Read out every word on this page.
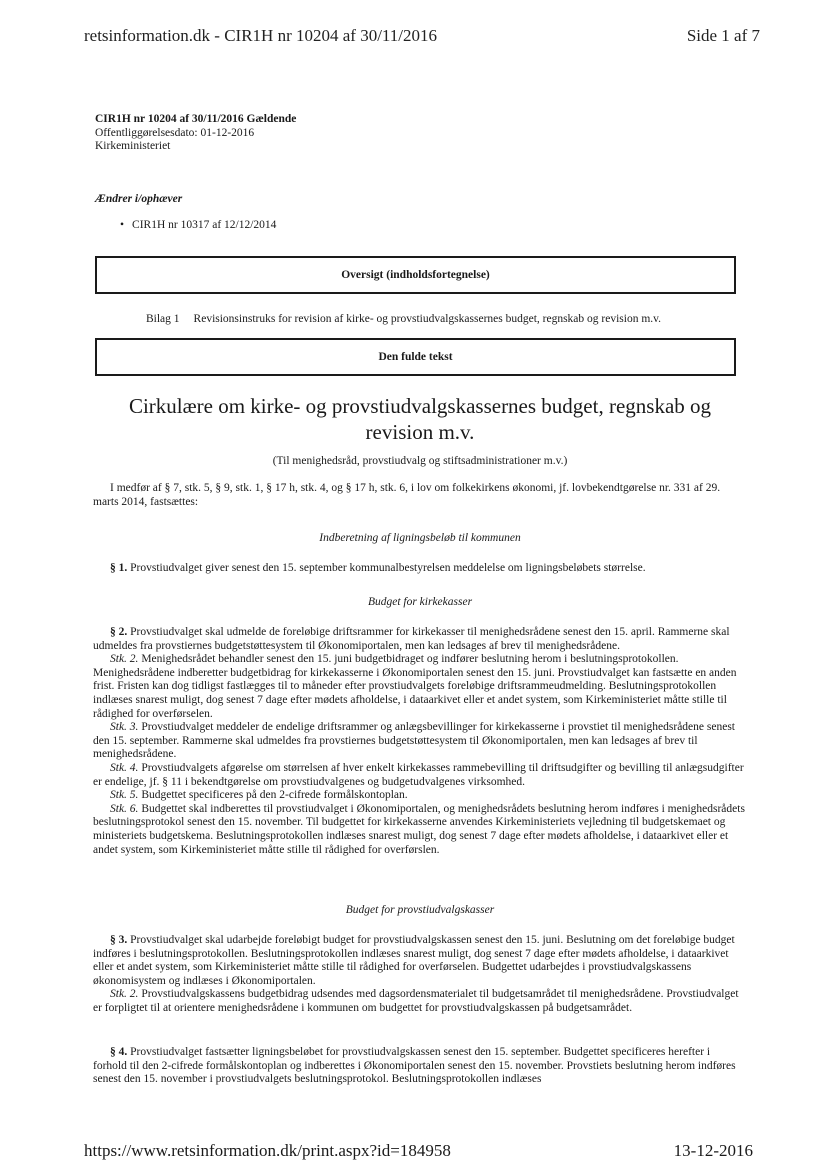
retsinformation.dk - CIR1H nr 10204 af 30/11/2016	Side 1 af 7
CIR1H nr 10204 af 30/11/2016 Gældende
Offentliggørelsesdato: 01-12-2016
Kirkeministeriet
Ændrer i/ophæver
• CIR1H nr 10317 af 12/12/2014
Oversigt (indholdsfortegnelse)
Bilag 1 Revisionsinstruks for revision af kirke- og provstiudvalgskassernes budget, regnskab og revision m.v.
Den fulde tekst
Cirkulære om kirke- og provstiudvalgskassernes budget, regnskab og revision m.v.
(Til menighedsråd, provstiudvalg og stiftsadministrationer m.v.)
I medfør af § 7, stk. 5, § 9, stk. 1, § 17 h, stk. 4, og § 17 h, stk. 6, i lov om folkekirkens økonomi, jf. lovbekendtgørelse nr. 331 af 29. marts 2014, fastsættes:
Indberetning af ligningsbeløb til kommunen
§ 1. Provstiudvalget giver senest den 15. september kommunalbestyrelsen meddelelse om ligningsbeløbets størrelse.
Budget for kirkekasser
§ 2. Provstiudvalget skal udmelde de foreløbige driftsrammer for kirkekasser til menighedsrådene senest den 15. april. Rammerne skal udmeldes fra provstiernes budgetstøttesystem til Økonomiportalen, men kan ledsages af brev til menighedsrådene.
Stk. 2. Menighedsrådet behandler senest den 15. juni budgetbidraget og indfører beslutning herom i beslutningsprotokollen. Menighedsrådene indberetter budgetbidrag for kirkekasserne i Økonomiportalen senest den 15. juni. Provstiudvalget kan fastsætte en anden frist. Fristen kan dog tidligst fastlægges til to måneder efter provstiudvalgets foreløbige driftsrammeudmelding. Beslutningsprotokollen indlæses snarest muligt, dog senest 7 dage efter mødets afholdelse, i dataarkivet eller et andet system, som Kirkeministeriet måtte stille til rådighed for overførselen.
Stk. 3. Provstiudvalget meddeler de endelige driftsrammer og anlægsbevillinger for kirkekasserne i provstiet til menighedsrådene senest den 15. september. Rammerne skal udmeldes fra provstiernes budgetstøttesystem til Økonomiportalen, men kan ledsages af brev til menighedsrådene.
Stk. 4. Provstiudvalgets afgørelse om størrelsen af hver enkelt kirkekasses rammebevilling til driftsudgifter og bevilling til anlægsudgifter er endelige, jf. § 11 i bekendtgørelse om provstiudvalgenes og budgetudvalgenes virksomhed.
Stk. 5. Budgettet specificeres på den 2-cifrede formålskontoplan.
Stk. 6. Budgettet skal indberettes til provstiudvalget i Økonomiportalen, og menighedsrådets beslutning herom indføres i menighedsrådets beslutningsprotokol senest den 15. november. Til budgettet for kirkekasserne anvendes Kirkeministeriets vejledning til budgetskemaet og ministeriets budgetskema. Beslutningsprotokollen indlæses snarest muligt, dog senest 7 dage efter mødets afholdelse, i dataarkivet eller et andet system, som Kirkeministeriet måtte stille til rådighed for overførslen.
Budget for provstiudvalgskasser
§ 3. Provstiudvalget skal udarbejde foreløbigt budget for provstiudvalgskassen senest den 15. juni. Beslutning om det foreløbige budget indføres i beslutningsprotokollen. Beslutningsprotokollen indlæses snarest muligt, dog senest 7 dage efter mødets afholdelse, i dataarkivet eller et andet system, som Kirkeministeriet måtte stille til rådighed for overførselen. Budgettet udarbejdes i provstiudvalgskassens økonomisystem og indlæses i Økonomiportalen.
Stk. 2. Provstiudvalgskassens budgetbidrag udsendes med dagsordensmaterialet til budgetsamrådet til menighedsrådene. Provstiudvalget er forpligtet til at orientere menighedsrådene i kommunen om budgettet for provstiudvalgskassen på budgetsamrådet.
§ 4. Provstiudvalget fastsætter ligningsbeløbet for provstiudvalgskassen senest den 15. september. Budgettet specificeres herefter i forhold til den 2-cifrede formålskontoplan og indberettes i Økonomiportalen senest den 15. november. Provstiets beslutning herom indføres senest den 15. november i provstiudvalgets beslutningsprotokol. Beslutningsprotokollen indlæses
https://www.retsinformation.dk/print.aspx?id=184958	13-12-2016
